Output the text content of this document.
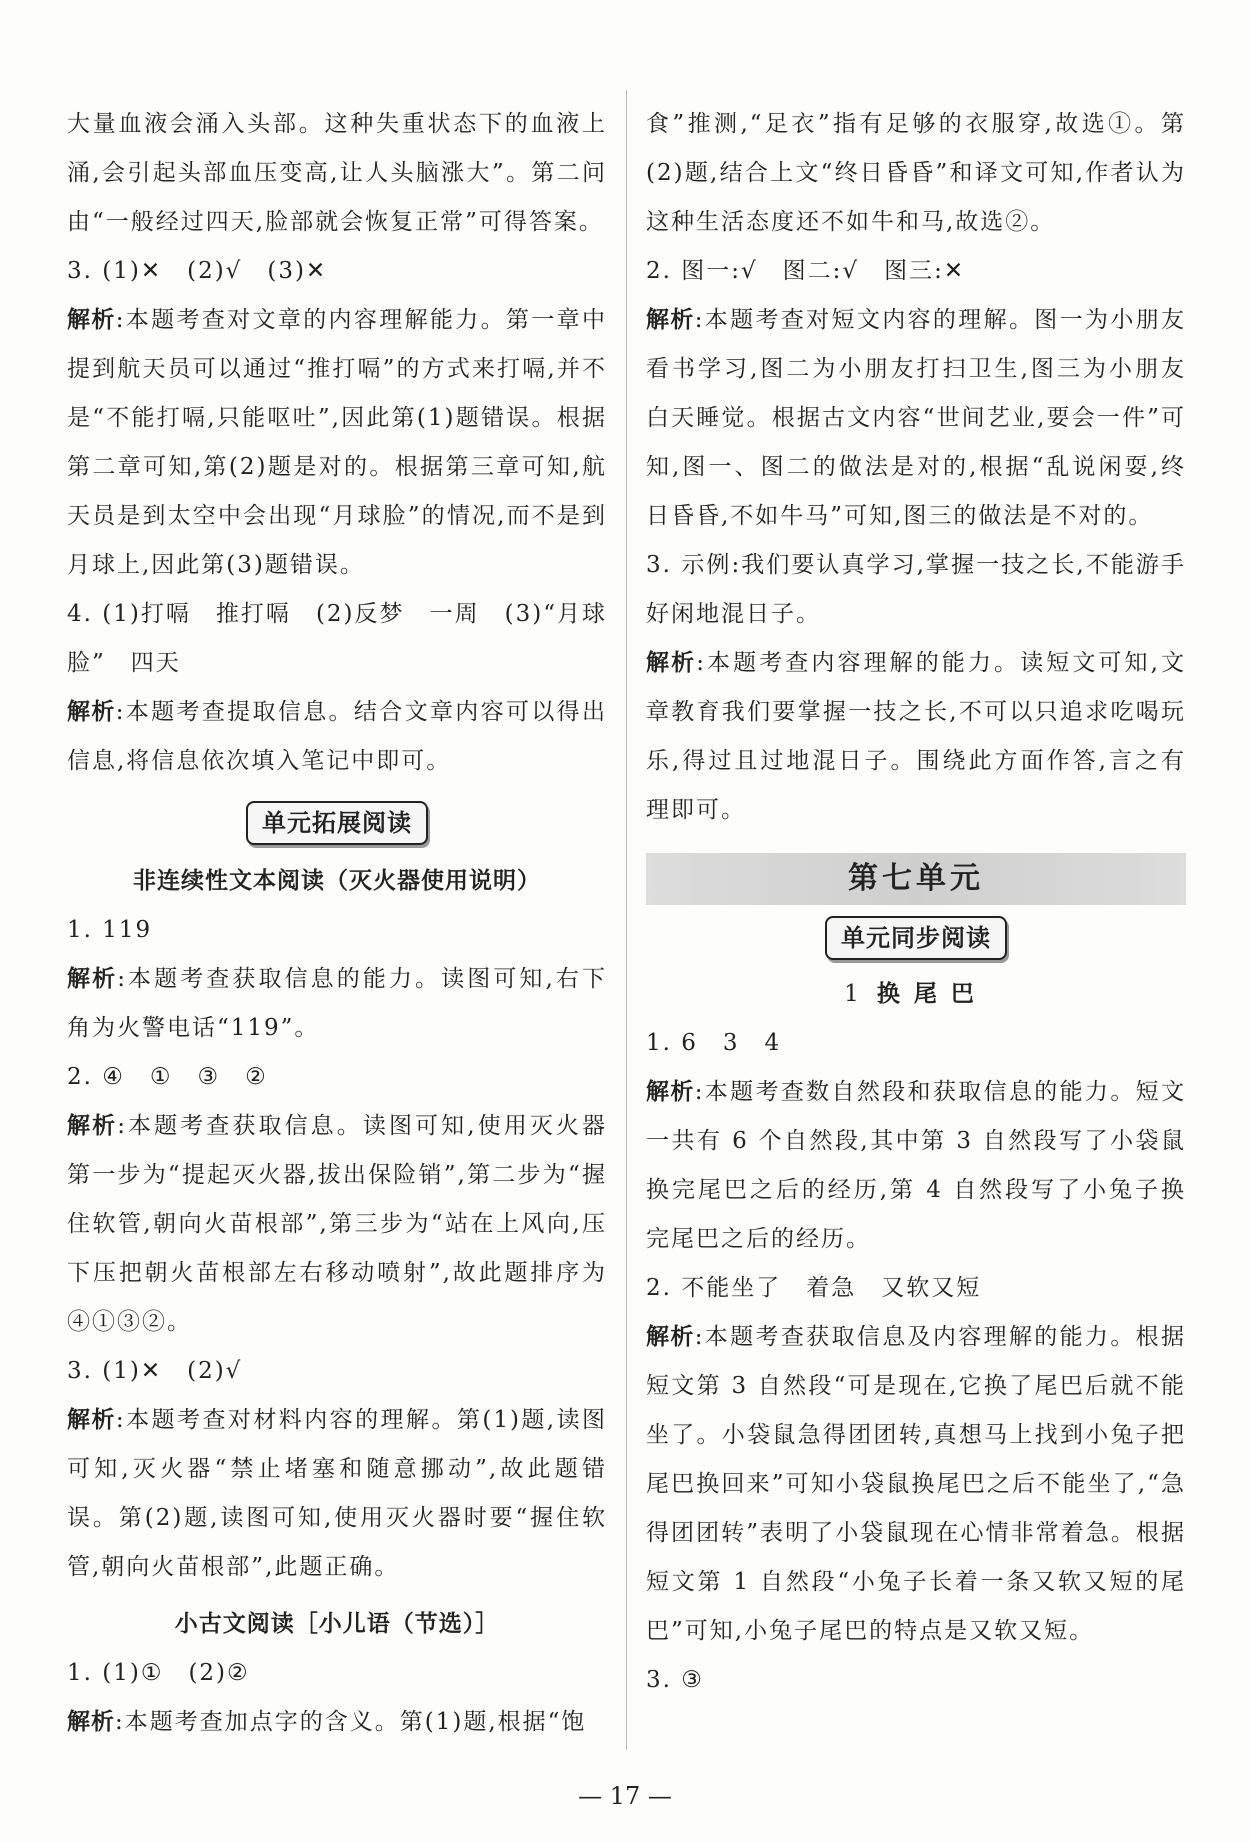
大量血液会涌入头部。这种失重状态下的血液上涌,会引起头部血压变高,让人头脑涨大”。第二问由“一般经过四天,脸部就会恢复正常”可得答案。

3. (1)✕　(2)√　(3)✕

解析:本题考查对文章的内容理解能力。第一章中提到航天员可以通过“推打嗝”的方式来打嗝,并不是“不能打嗝,只能呕吐”,因此第(1)题错误。根据第二章可知,第(2)题是对的。根据第三章可知,航天员是到太空中会出现“月球脸”的情况,而不是到月球上,因此第(3)题错误。

4. (1)打嗝　推打嗝　(2)反梦　一周　(3)“月球脸”　四天

解析:本题考查提取信息。结合文章内容可以得出信息,将信息依次填入笔记中即可。

单元拓展阅读

非连续性文本阅读（灭火器使用说明）

1. 119

解析:本题考查获取信息的能力。读图可知,右下角为火警电话“119”。

2. ④　①　③　②

解析:本题考查获取信息。读图可知,使用灭火器第一步为“提起灭火器,拔出保险销”,第二步为“握住软管,朝向火苗根部”,第三步为“站在上风向,压下压把朝火苗根部左右移动喷射”,故此题排序为④①③②。

3. (1)✕　(2)√

解析:本题考查对材料内容的理解。第(1)题,读图可知,灭火器“禁止堵塞和随意挪动”,故此题错误。第(2)题,读图可知,使用灭火器时要“握住软管,朝向火苗根部”,此题正确。

小古文阅读［小儿语（节选）］

1. (1)①　(2)②

解析:本题考查加点字的含义。第(1)题,根据“饱

食”推测,“足衣”指有足够的衣服穿,故选①。第(2)题,结合上文“终日昏昏”和译文可知,作者认为这种生活态度还不如牛和马,故选②。

2. 图一:√　图二:√　图三:✕

解析:本题考查对短文内容的理解。图一为小朋友看书学习,图二为小朋友打扫卫生,图三为小朋友白天睡觉。根据古文内容“世间艺业,要会一件”可知,图一、图二的做法是对的,根据“乱说闲耍,终日昏昏,不如牛马”可知,图三的做法是不对的。

3. 示例:我们要认真学习,掌握一技之长,不能游手好闲地混日子。

解析:本题考查内容理解的能力。读短文可知,文章教育我们要掌握一技之长,不可以只追求吃喝玩乐,得过且过地混日子。围绕此方面作答,言之有理即可。

第七单元
单元同步阅读

1换尾巴

1. 6　3　4

解析:本题考查数自然段和获取信息的能力。短文一共有 6 个自然段,其中第 3 自然段写了小袋鼠换完尾巴之后的经历,第 4 自然段写了小兔子换完尾巴之后的经历。

2. 不能坐了　着急　又软又短

解析:本题考查获取信息及内容理解的能力。根据短文第 3 自然段“可是现在,它换了尾巴后就不能坐了。小袋鼠急得团团转,真想马上找到小兔子把尾巴换回来”可知小袋鼠换尾巴之后不能坐了,“急得团团转”表明了小袋鼠现在心情非常着急。根据短文第 1 自然段“小兔子长着一条又软又短的尾巴”可知,小兔子尾巴的特点是又软又短。

3. ③

— 17 —
